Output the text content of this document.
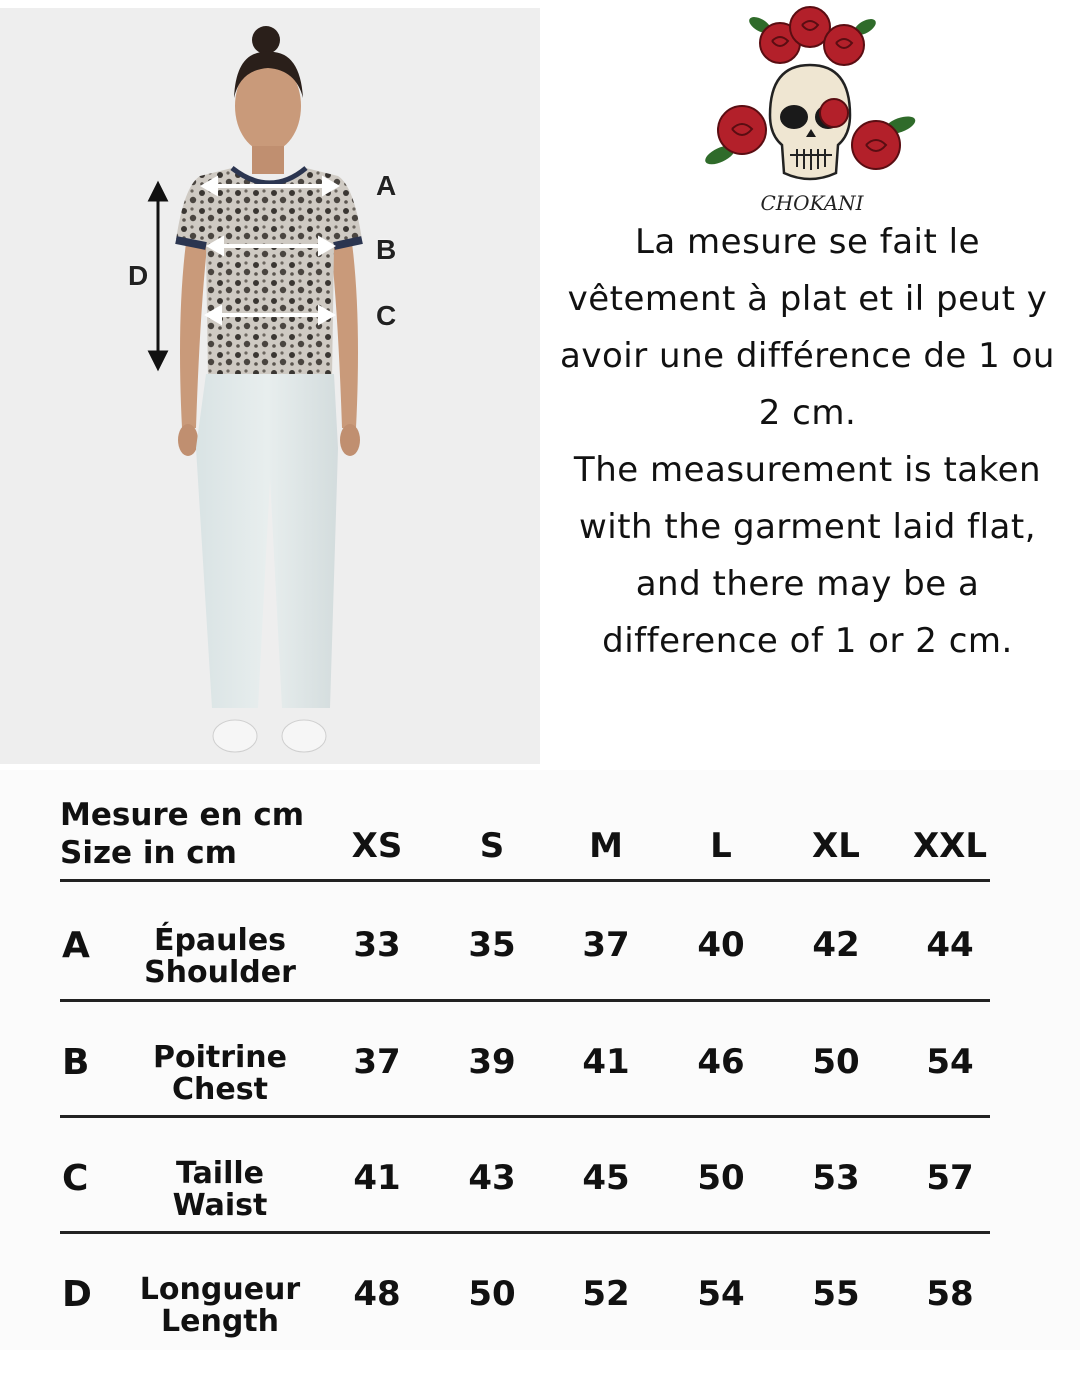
A
B
C
D
CHOKANI

La mesure se fait le vêtement à plat et il peut y avoir une différence de 1 ou 2 cm.

The measurement is taken with the garment laid flat, and there may be a difference of 1 or 2 cm.

Mesure en cm
Size in cm	XS	S	M	L	XL	XXL
A	Épaules
Shoulder
33	35	37	40	42	44
B	Poitrine
Chest
37	39	41	46	50	54
C	Taille
Waist
41	43	45	50	53	57
D	Longueur
Length
48	50	52	54	55	58
